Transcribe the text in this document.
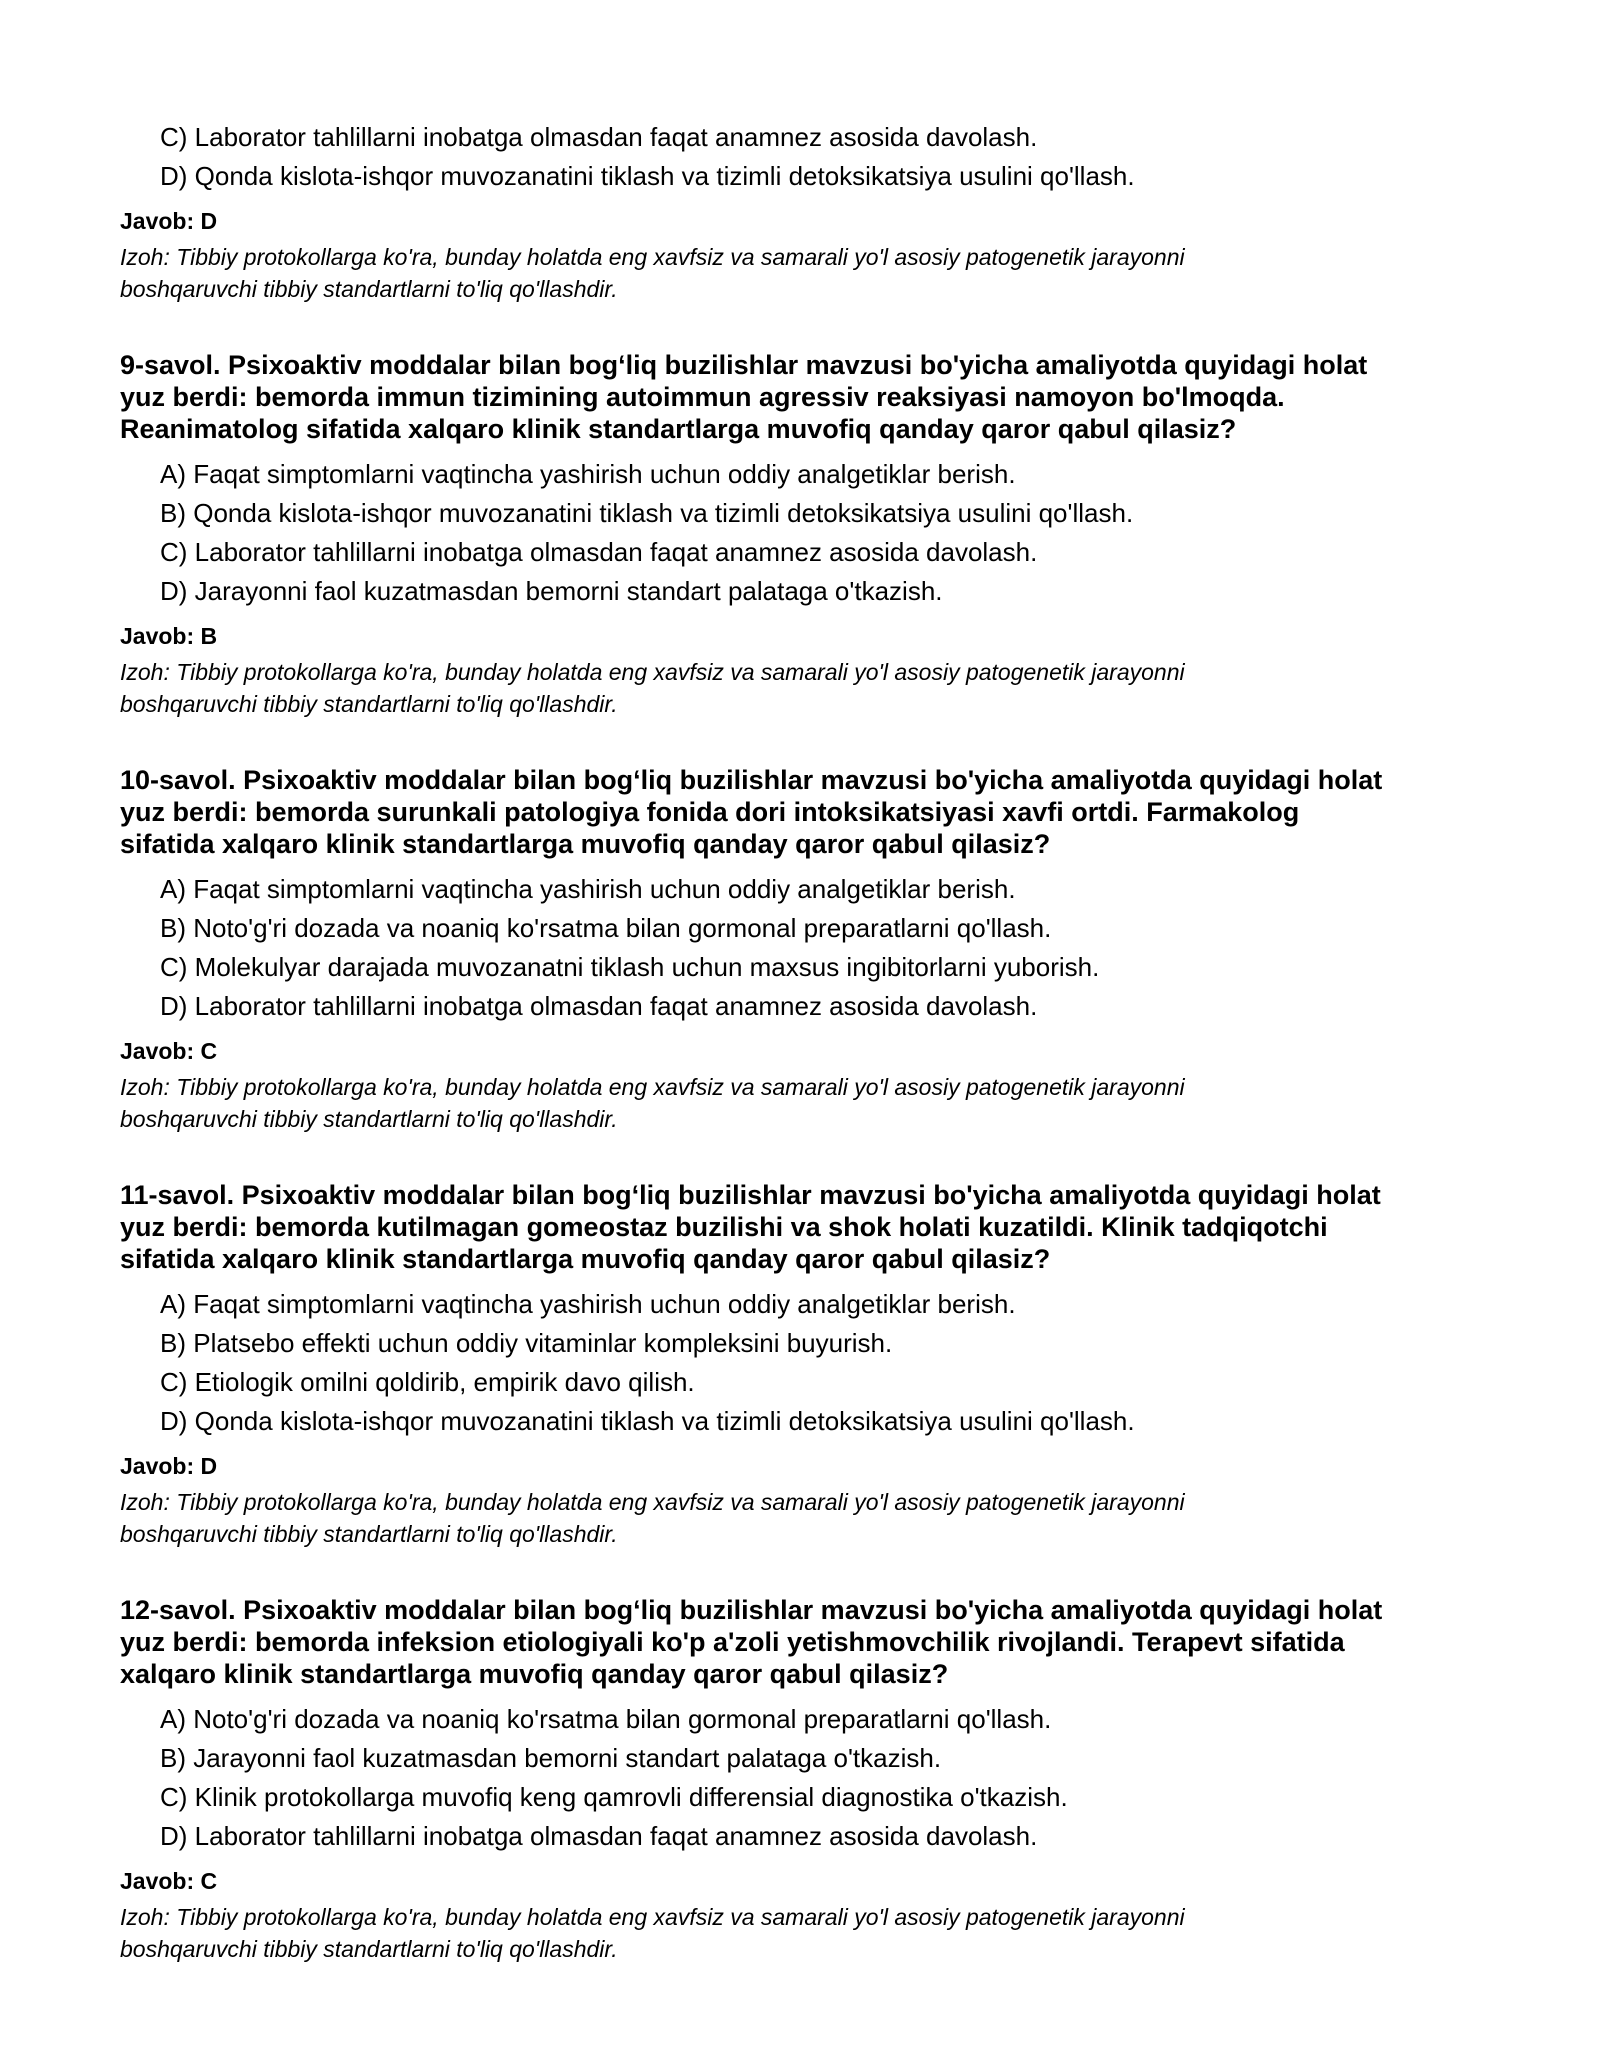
C) Laborator tahlillarni inobatga olmasdan faqat anamnez asosida davolash.
D) Qonda kislota-ishqor muvozanatini tiklash va tizimli detoksikatsiya usulini qo'llash.
Javob: D
Izoh: Tibbiy protokollarga ko'ra, bunday holatda eng xavfsiz va samarali yo'l asosiy patogenetik jarayonni
boshqaruvchi tibbiy standartlarni to'liq qo'llashdir.
9-savol. Psixoaktiv moddalar bilan bog‘liq buzilishlar mavzusi bo'yicha amaliyotda quyidagi holat
yuz berdi: bemorda immun tizimining autoimmun agressiv reaksiyasi namoyon bo'lmoqda.
Reanimatolog sifatida xalqaro klinik standartlarga muvofiq qanday qaror qabul qilasiz?
A) Faqat simptomlarni vaqtincha yashirish uchun oddiy analgetiklar berish.
B) Qonda kislota-ishqor muvozanatini tiklash va tizimli detoksikatsiya usulini qo'llash.
C) Laborator tahlillarni inobatga olmasdan faqat anamnez asosida davolash.
D) Jarayonni faol kuzatmasdan bemorni standart palataga o'tkazish.
Javob: B
Izoh: Tibbiy protokollarga ko'ra, bunday holatda eng xavfsiz va samarali yo'l asosiy patogenetik jarayonni
boshqaruvchi tibbiy standartlarni to'liq qo'llashdir.
10-savol. Psixoaktiv moddalar bilan bog‘liq buzilishlar mavzusi bo'yicha amaliyotda quyidagi holat
yuz berdi: bemorda surunkali patologiya fonida dori intoksikatsiyasi xavfi ortdi. Farmakolog
sifatida xalqaro klinik standartlarga muvofiq qanday qaror qabul qilasiz?
A) Faqat simptomlarni vaqtincha yashirish uchun oddiy analgetiklar berish.
B) Noto'g'ri dozada va noaniq ko'rsatma bilan gormonal preparatlarni qo'llash.
C) Molekulyar darajada muvozanatni tiklash uchun maxsus ingibitorlarni yuborish.
D) Laborator tahlillarni inobatga olmasdan faqat anamnez asosida davolash.
Javob: C
Izoh: Tibbiy protokollarga ko'ra, bunday holatda eng xavfsiz va samarali yo'l asosiy patogenetik jarayonni
boshqaruvchi tibbiy standartlarni to'liq qo'llashdir.
11-savol. Psixoaktiv moddalar bilan bog‘liq buzilishlar mavzusi bo'yicha amaliyotda quyidagi holat
yuz berdi: bemorda kutilmagan gomeostaz buzilishi va shok holati kuzatildi. Klinik tadqiqotchi
sifatida xalqaro klinik standartlarga muvofiq qanday qaror qabul qilasiz?
A) Faqat simptomlarni vaqtincha yashirish uchun oddiy analgetiklar berish.
B) Platsebo effekti uchun oddiy vitaminlar kompleksini buyurish.
C) Etiologik omilni qoldirib, empirik davo qilish.
D) Qonda kislota-ishqor muvozanatini tiklash va tizimli detoksikatsiya usulini qo'llash.
Javob: D
Izoh: Tibbiy protokollarga ko'ra, bunday holatda eng xavfsiz va samarali yo'l asosiy patogenetik jarayonni
boshqaruvchi tibbiy standartlarni to'liq qo'llashdir.
12-savol. Psixoaktiv moddalar bilan bog‘liq buzilishlar mavzusi bo'yicha amaliyotda quyidagi holat
yuz berdi: bemorda infeksion etiologiyali ko'p a'zoli yetishmovchilik rivojlandi. Terapevt sifatida
xalqaro klinik standartlarga muvofiq qanday qaror qabul qilasiz?
A) Noto'g'ri dozada va noaniq ko'rsatma bilan gormonal preparatlarni qo'llash.
B) Jarayonni faol kuzatmasdan bemorni standart palataga o'tkazish.
C) Klinik protokollarga muvofiq keng qamrovli differensial diagnostika o'tkazish.
D) Laborator tahlillarni inobatga olmasdan faqat anamnez asosida davolash.
Javob: C
Izoh: Tibbiy protokollarga ko'ra, bunday holatda eng xavfsiz va samarali yo'l asosiy patogenetik jarayonni
boshqaruvchi tibbiy standartlarni to'liq qo'llashdir.
